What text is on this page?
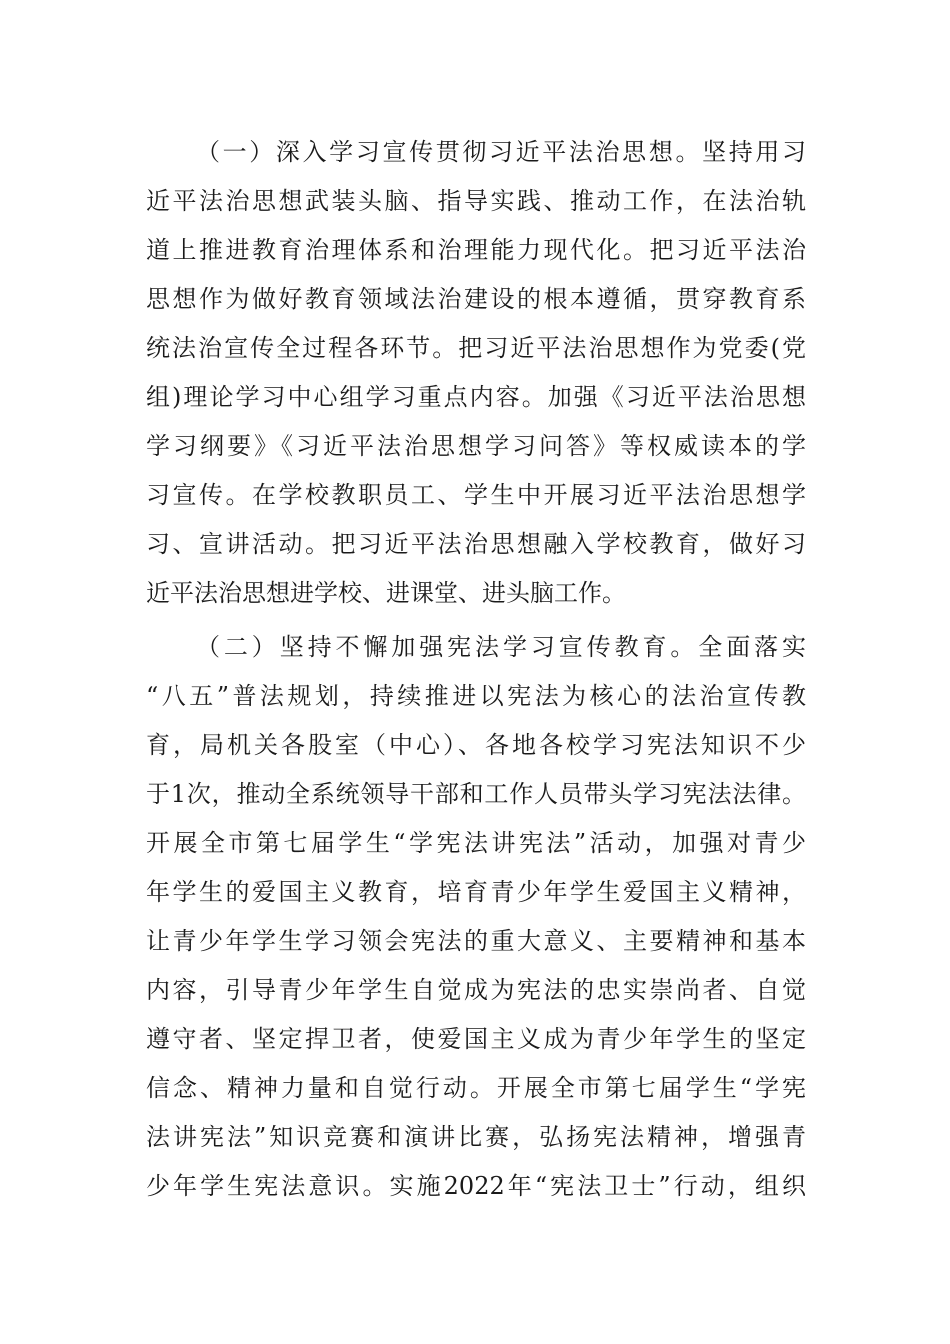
（一）深入学习宣传贯彻习近平法治思想。坚持用习
近平法治思想武装头脑、指导实践、推动工作，在法治轨
道上推进教育治理体系和治理能力现代化。把习近平法治
思想作为做好教育领域法治建设的根本遵循，贯穿教育系
统法治宣传全过程各环节。把习近平法治思想作为党委(党
组)理论学习中心组学习重点内容。加强《习近平法治思想
学习纲要》《习近平法治思想学习问答》等权威读本的学
习宣传。在学校教职员工、学生中开展习近平法治思想学
习、宣讲活动。把习近平法治思想融入学校教育，做好习
近平法治思想进学校、进课堂、进头脑工作。
（二）坚持不懈加强宪法学习宣传教育。全面落实
“八五”普法规划，持续推进以宪法为核心的法治宣传教
育，局机关各股室（中心）、各地各校学习宪法知识不少
于1次，推动全系统领导干部和工作人员带头学习宪法法律。
开展全市第七届学生“学宪法讲宪法”活动，加强对青少
年学生的爱国主义教育，培育青少年学生爱国主义精神，
让青少年学生学习领会宪法的重大意义、主要精神和基本
内容，引导青少年学生自觉成为宪法的忠实崇尚者、自觉
遵守者、坚定捍卫者，使爱国主义成为青少年学生的坚定
信念、精神力量和自觉行动。开展全市第七届学生“学宪
法讲宪法”知识竞赛和演讲比赛，弘扬宪法精神，增强青
少年学生宪法意识。实施2022年“宪法卫士”行动，组织
